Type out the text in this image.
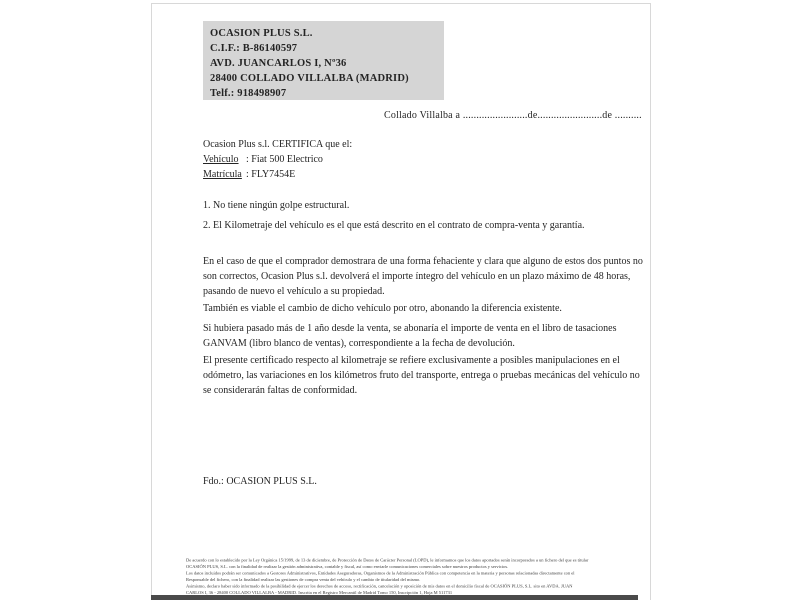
OCASION PLUS S.L.
C.I.F.: B-86140597
AVD. JUANCARLOS I, Nº36
28400 COLLADO VILLALBA (MADRID)
Telf.: 918498907
Collado Villalba a ........................de........................de ..........
Ocasion Plus s.l. CERTIFICA que el:
Vehículo : Fiat 500 Electrico
Matrícula : FLY7454E
1. No tiene ningún golpe estructural.
2. El Kilometraje del vehículo es el que está descrito en el contrato de compra-venta y garantía.
En el caso de que el comprador demostrara de una forma fehaciente y clara que alguno de estos dos puntos no son correctos, Ocasion Plus s.l. devolverá el importe íntegro del vehículo en un plazo máximo de 48 horas, pasando de nuevo el vehículo a su propiedad.
También es viable el cambio de dicho vehículo por otro, abonando la diferencia existente.
Si hubiera pasado más de 1 año desde la venta, se abonaría el importe de venta en el libro de tasaciones GANVAM (libro blanco de ventas), correspondiente a la fecha de devolución.
El presente certificado respecto al kilometraje se refiere exclusivamente a posibles manipulaciones en el odómetro, las variaciones en los kilómetros fruto del transporte, entrega o pruebas mecánicas del vehículo no se considerarán faltas de conformidad.
Fdo.: OCASION PLUS S.L.
De acuerdo con lo establecido por la Ley Orgánica 15/1999, de 13 de diciembre, de Protección de Datos de Carácter Personal (LOPD), le informamos que los datos aportados serán incorporados a un fichero del que es titular
OCASIÓN PLUS, S.L. con la finalidad de realizar la gestión administrativa, contable y fiscal, así como enviarle comunicaciones comerciales sobre nuestros productos y servicios.
Los datos incluidos podrán ser comunicados a Gestores Administrativos, Entidades Aseguradoras, Organismos de la Administración Pública con competencia en la materia y personas relacionadas directamente con el
Responsable del fichero, con la finalidad realizar las gestiones de compra venta del vehículo y el cambio de titularidad del mismo.
Asimismo, declaro haber sido informado de la posibilidad de ejercer los derechos de acceso, rectificación, cancelación y oposición de mis datos en el domicilio fiscal de OCASIÓN PLUS, S.L. sito en AVDA. JUAN
CARLOS I, 36 - 28400 COLLADO VILLALBA - MADRID. Inscrita en el Registro Mercantil de Madrid Tomo 150, Inscripción 1, Hoja M 511731
